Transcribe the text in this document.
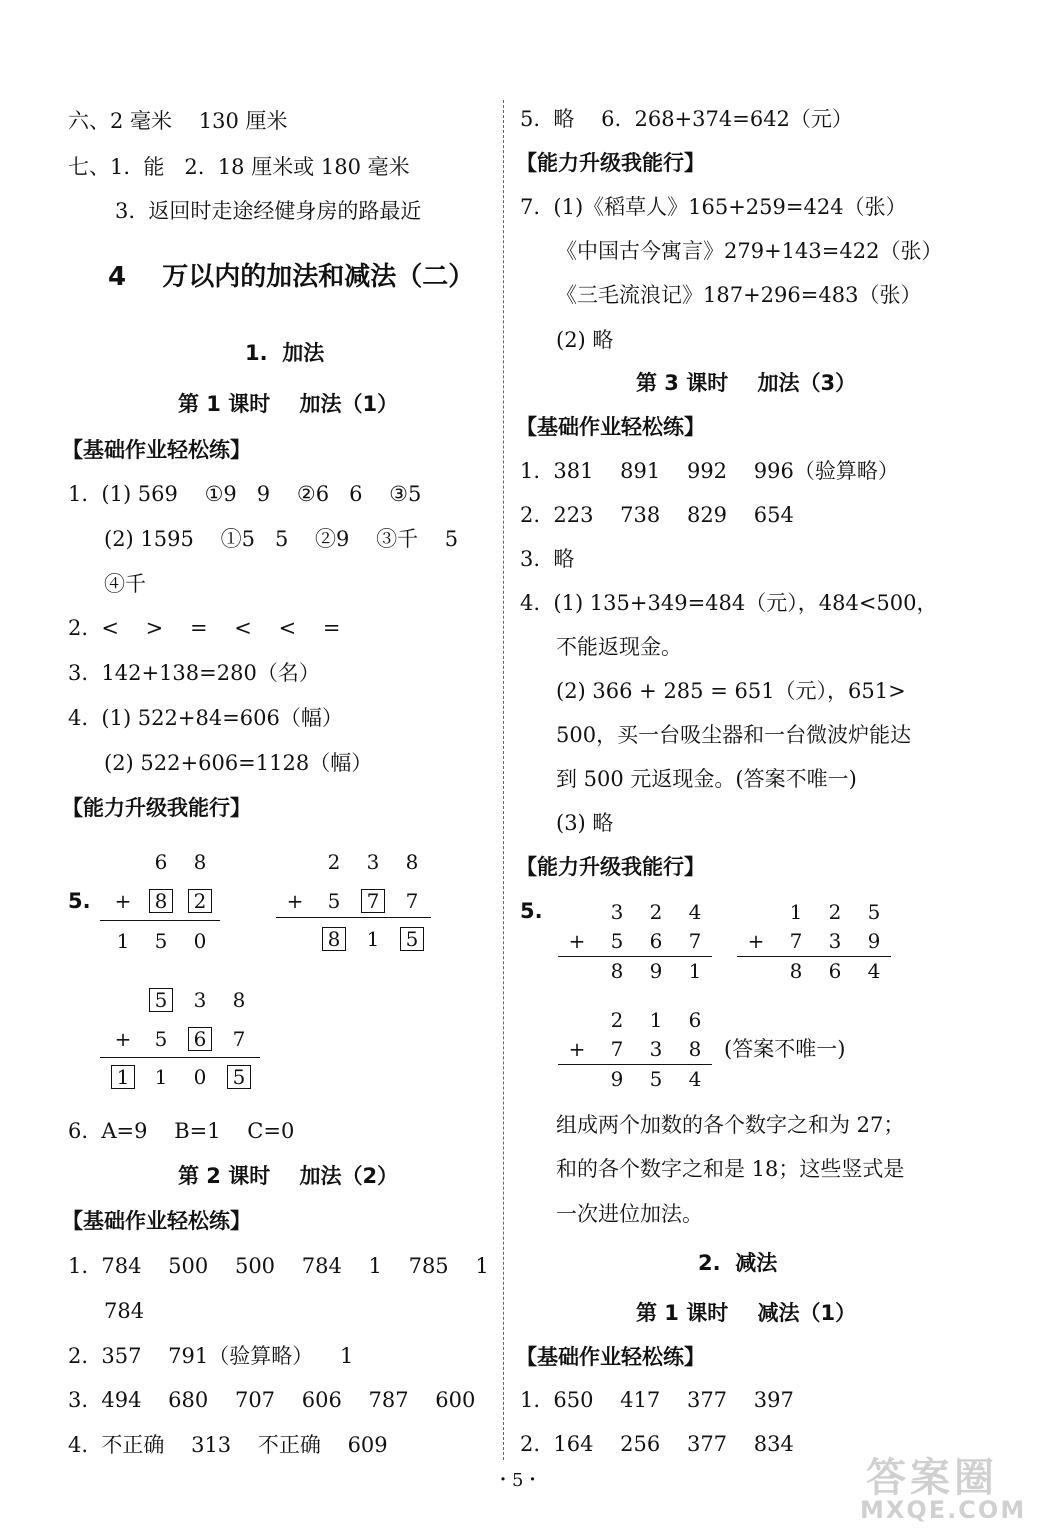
六、2 毫米    130 厘米
七、1.  能   2.  18 厘米或 180 毫米
3.  返回时走途经健身房的路最近
4    万以内的加法和减法（二）
1.  加法
第 1 课时    加法（1）
【基础作业轻松练】
1.  (1) 569    ①9   9    ②6   6    ③5
(2) 1595    ①5   5    ②9    ③千    5
④千
2.  <    >    =    <    <    =
3.  142+138=280（名）
4.  (1) 522+84=606（幅）
(2) 522+606=1128（幅）
【能力升级我能行】
5.
6 8
+ 8 2
1 5 0
2 3 8
+ 5 7 7
8 1 5
5 3 8
+ 5 6 7
1 1 0 5
6.  A=9    B=1    C=0
第 2 课时    加法（2）
【基础作业轻松练】
1.  784    500    500    784    1    785    1
784
2.  357    791（验算略）    1
3.  494    680    707    606    787    600
4.  不正确    313    不正确    609
5.  略    6.  268+374=642（元）
【能力升级我能行】
7.  (1)《稻草人》165+259=424（张）
《中国古今寓言》279+143=422（张）
《三毛流浪记》187+296=483（张）
(2) 略
第 3 课时    加法（3）
【基础作业轻松练】
1.  381    891    992    996（验算略）
2.  223    738    829    654
3.  略
4.  (1) 135+349=484（元），484<500，
不能返现金。
(2) 366 + 285 = 651（元），651>
500，买一台吸尘器和一台微波炉能达
到 500 元返现金。(答案不唯一)
(3) 略
【能力升级我能行】
5.	3 2 4
+ 5 6 7
8 9 1
1 2 5
+ 7 3 9
8 6 4
2 1 6
+ 7 3 8
9 5 4
(答案不唯一)
组成两个加数的各个数字之和为 27；
和的各个数字之和是 18；这些竖式是
一次进位加法。
2.  减法
第 1 课时    减法（1）
【基础作业轻松练】
1.  650    417    377    397
2.  164    256    377    834
・5・	答案圈
MXQE.COM
